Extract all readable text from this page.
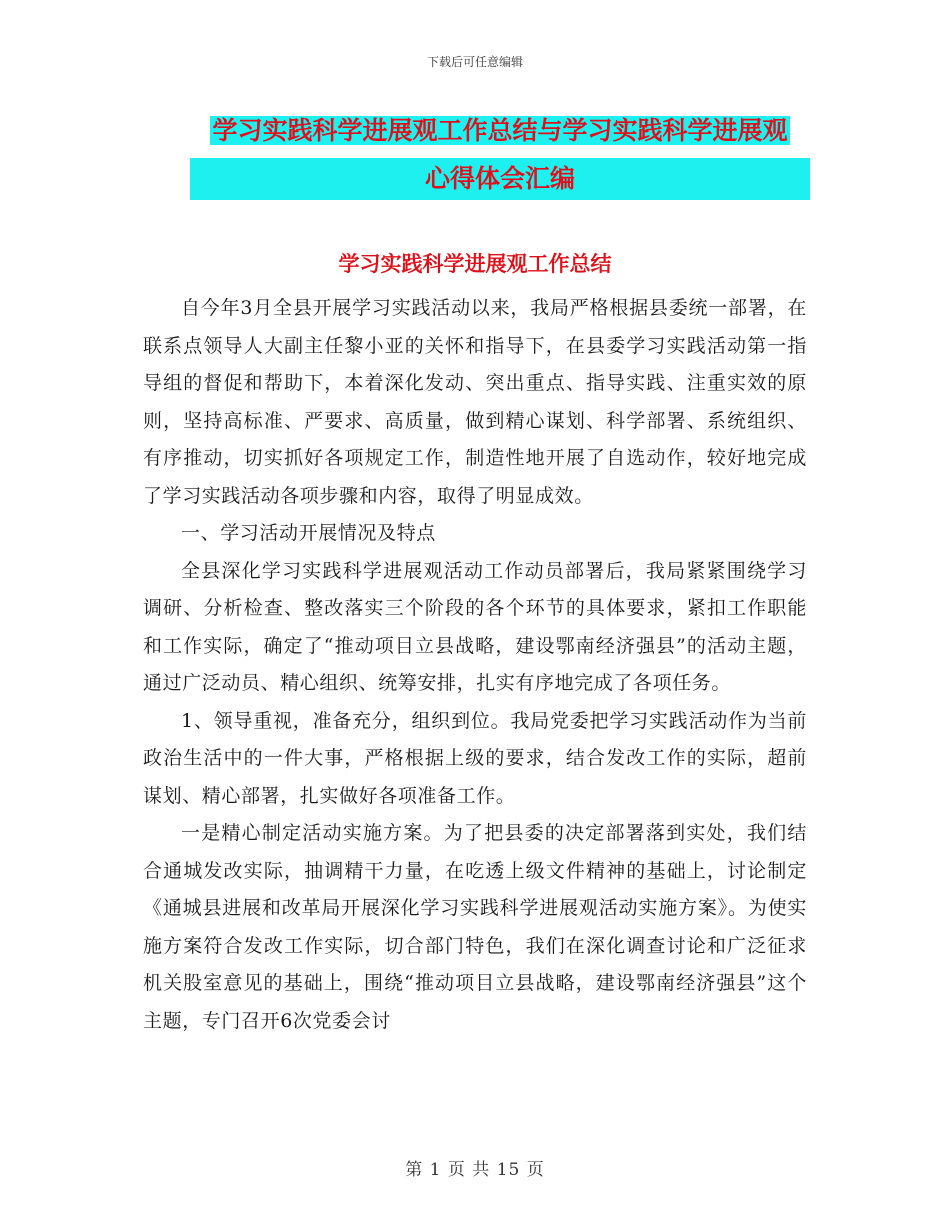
下载后可任意编辑
学习实践科学进展观工作总结与学习实践科学进展观
心得体会汇编
学习实践科学进展观工作总结

自今年3月全县开展学习实践活动以来，我局严格根据县委统一部署，在联系点领导人大副主任黎小亚的关怀和指导下，在县委学习实践活动第一指导组的督促和帮助下，本着深化发动、突出重点、指导实践、注重实效的原则，坚持高标准、严要求、高质量，做到精心谋划、科学部署、系统组织、有序推动，切实抓好各项规定工作，制造性地开展了自选动作，较好地完成了学习实践活动各项步骤和内容，取得了明显成效。

一、学习活动开展情况及特点

全县深化学习实践科学进展观活动工作动员部署后，我局紧紧围绕学习调研、分析检查、整改落实三个阶段的各个环节的具体要求，紧扣工作职能和工作实际，确定了“推动项目立县战略，建设鄂南经济强县”的活动主题，通过广泛动员、精心组织、统筹安排，扎实有序地完成了各项任务。

1、领导重视，准备充分，组织到位。我局党委把学习实践活动作为当前政治生活中的一件大事，严格根据上级的要求，结合发改工作的实际，超前谋划、精心部署，扎实做好各项准备工作。

一是精心制定活动实施方案。为了把县委的决定部署落到实处，我们结合通城发改实际，抽调精干力量，在吃透上级文件精神的基础上，讨论制定《通城县进展和改革局开展深化学习实践科学进展观活动实施方案》。为使实施方案符合发改工作实际，切合部门特色，我们在深化调查讨论和广泛征求机关股室意见的基础上，围绕“推动项目立县战略，建设鄂南经济强县”这个主题，专门召开6次党委会讨

第 1 页 共 15 页
